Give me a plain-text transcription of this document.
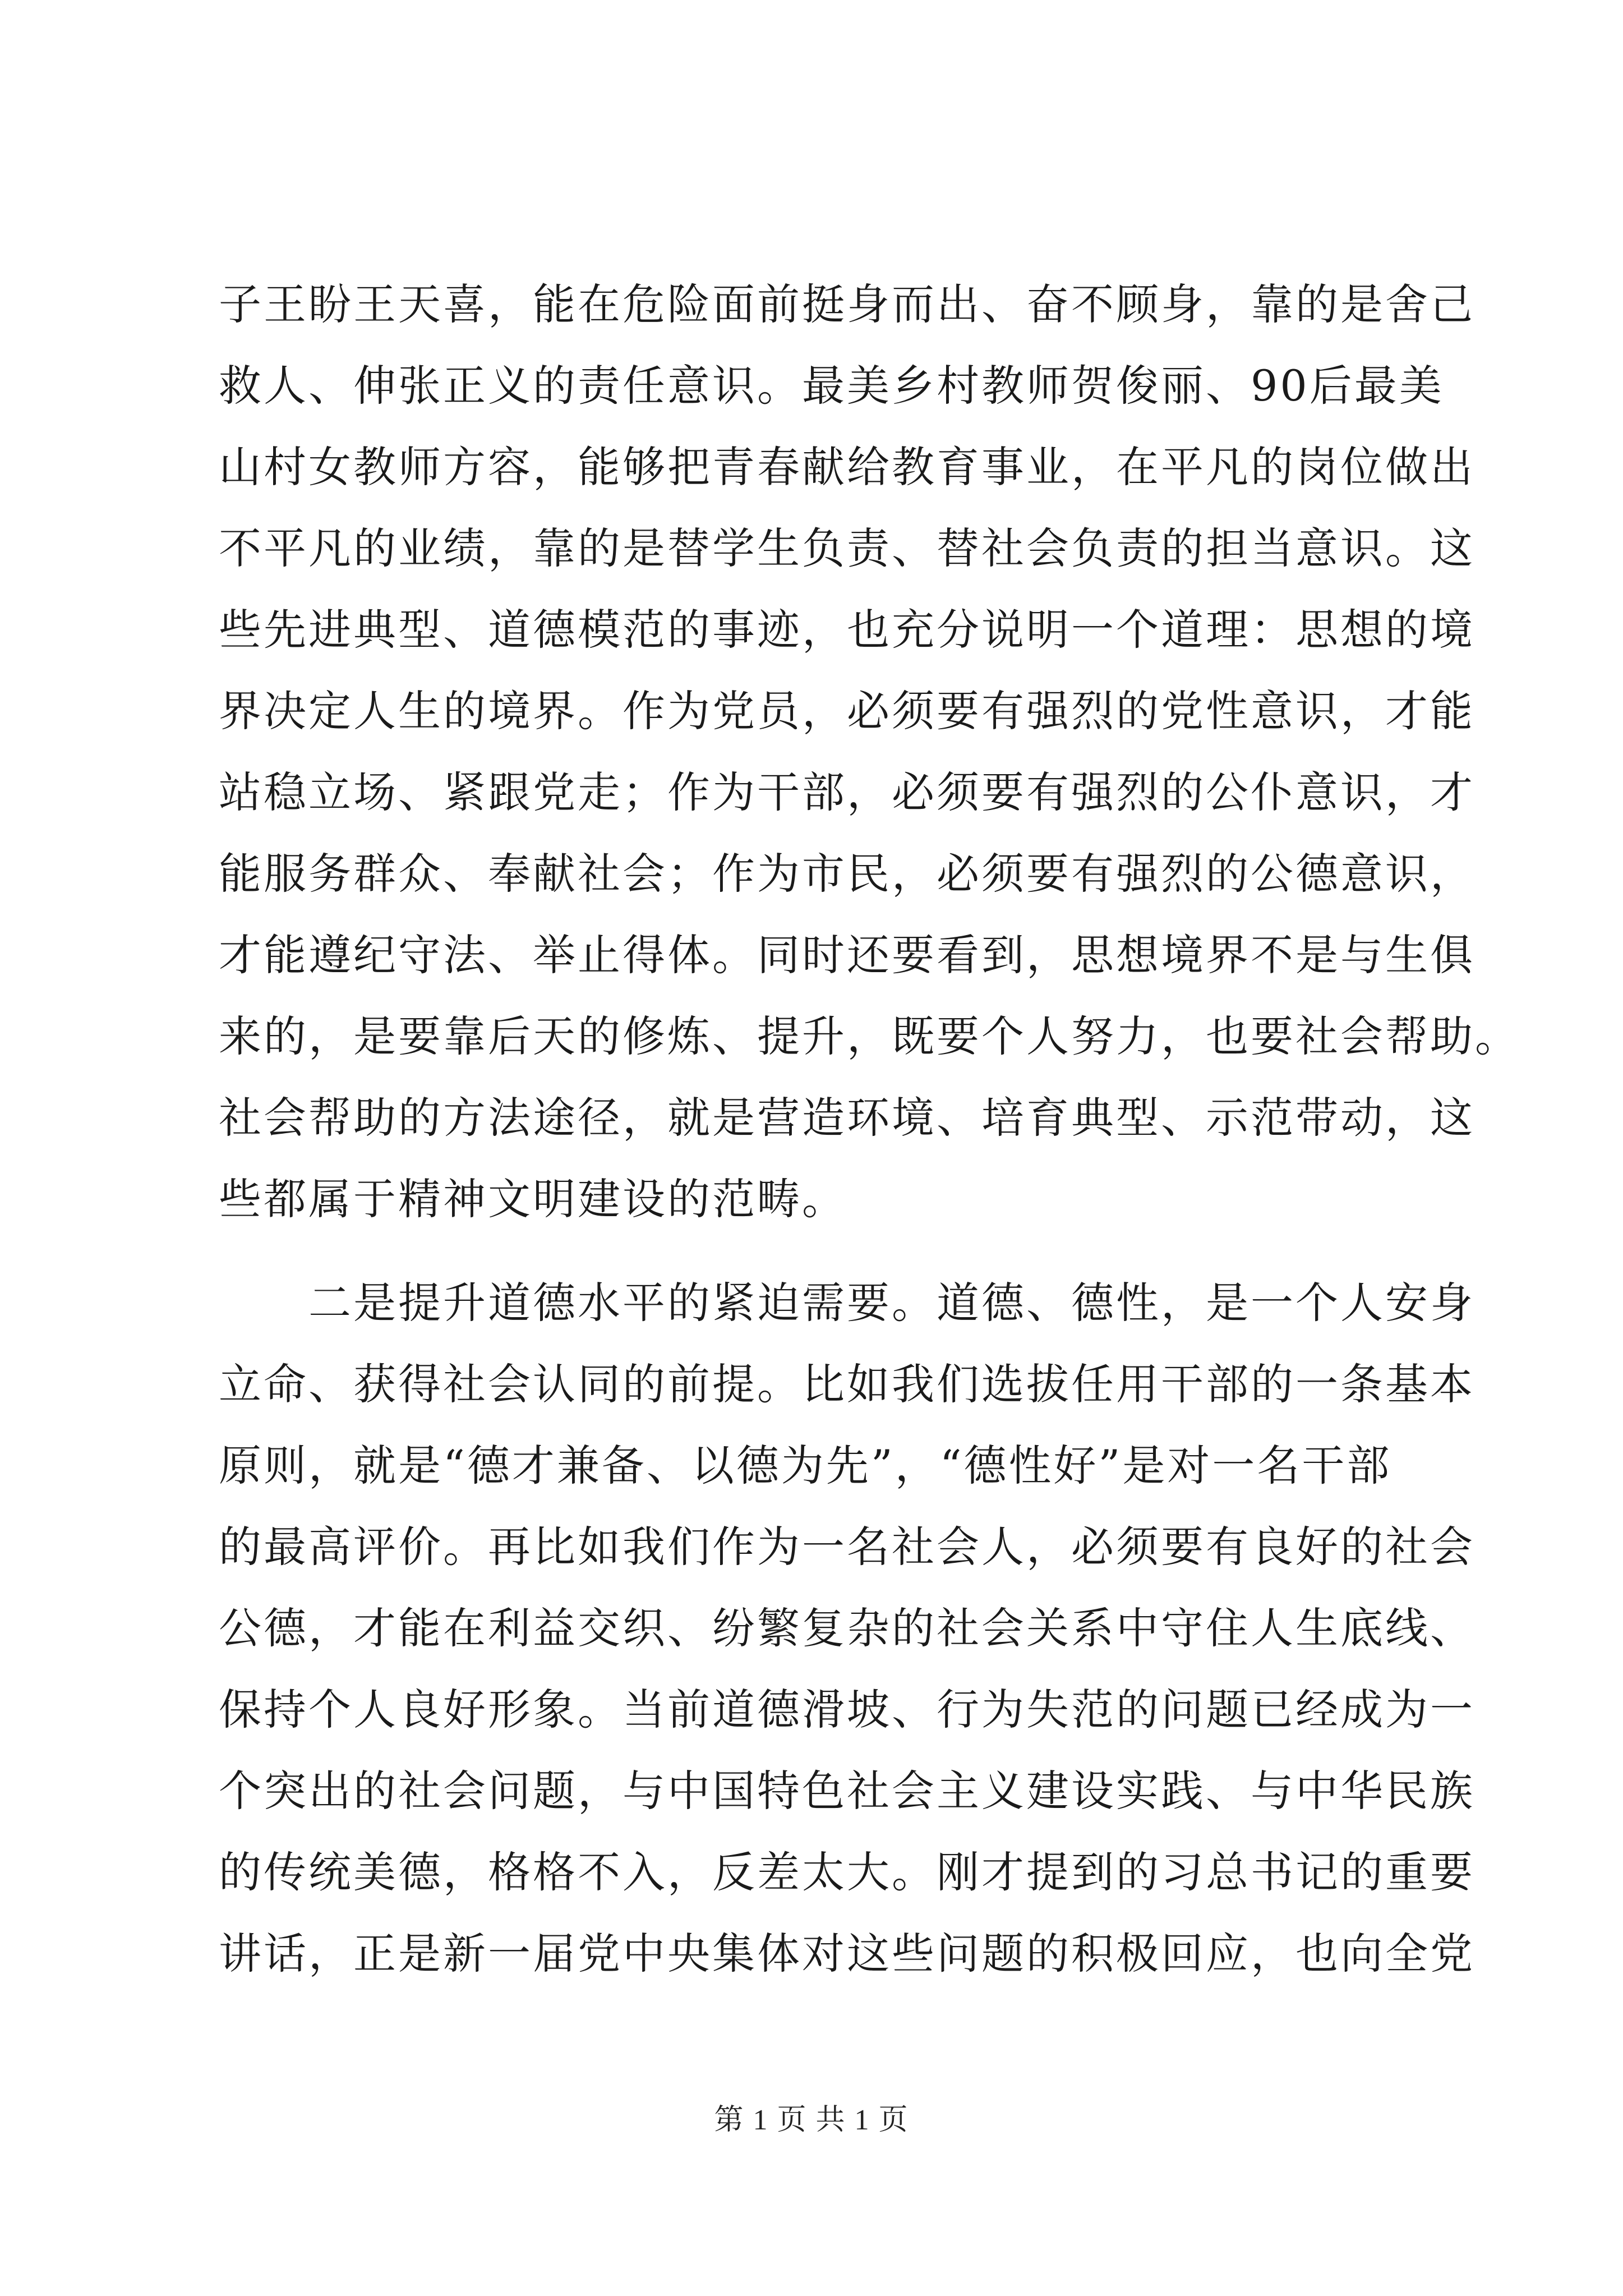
子王盼王天喜，能在危险面前挺身而出、奋不顾身，靠的是舍己
救人、伸张正义的责任意识。最美乡村教师贺俊丽、90后最美
山村女教师方容，能够把青春献给教育事业，在平凡的岗位做出
不平凡的业绩，靠的是替学生负责、替社会负责的担当意识。这
些先进典型、道德模范的事迹，也充分说明一个道理：思想的境
界决定人生的境界。作为党员，必须要有强烈的党性意识，才能
站稳立场、紧跟党走；作为干部，必须要有强烈的公仆意识，才
能服务群众、奉献社会；作为市民，必须要有强烈的公德意识，
才能遵纪守法、举止得体。同时还要看到，思想境界不是与生俱
来的，是要靠后天的修炼、提升，既要个人努力，也要社会帮助。
社会帮助的方法途径，就是营造环境、培育典型、示范带动，这
些都属于精神文明建设的范畴。
二是提升道德水平的紧迫需要。道德、德性，是一个人安身
立命、获得社会认同的前提。比如我们选拔任用干部的一条基本
原则，就是“德才兼备、以德为先”，“德性好”是对一名干部
的最高评价。再比如我们作为一名社会人，必须要有良好的社会
公德，才能在利益交织、纷繁复杂的社会关系中守住人生底线、
保持个人良好形象。当前道德滑坡、行为失范的问题已经成为一
个突出的社会问题，与中国特色社会主义建设实践、与中华民族
的传统美德，格格不入，反差太大。刚才提到的习总书记的重要
讲话，正是新一届党中央集体对这些问题的积极回应，也向全党
第 1 页 共 1 页
